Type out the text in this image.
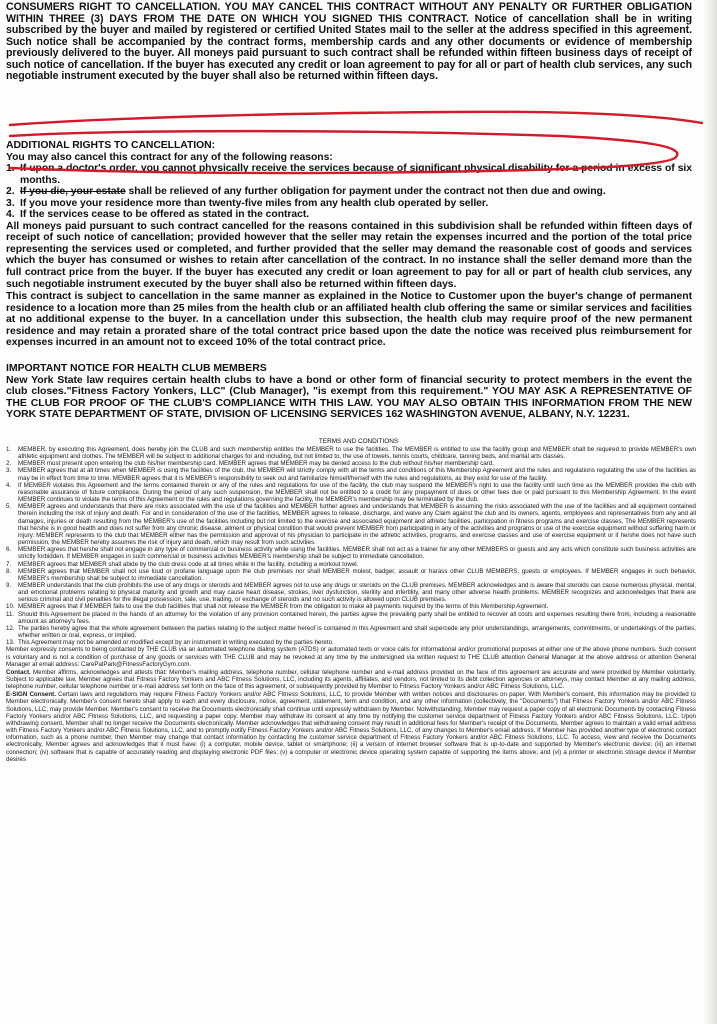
CONSUMERS RIGHT TO CANCELLATION. YOU MAY CANCEL THIS CONTRACT WITHOUT ANY PENALTY OR FURTHER OBLIGATION WITHIN THREE (3) DAYS FROM THE DATE ON WHICH YOU SIGNED THIS CONTRACT. Notice of cancellation shall be in writing subscribed by the buyer and mailed by registered or certified United States mail to the seller at the address specified in this agreement. Such notice shall be accompanied by the contract forms, membership cards and any other documents or evidence of membership previously delivered to the buyer. All moneys paid pursuant to such contract shall be refunded within fifteen business days of receipt of such notice of cancellation. If the buyer has executed any credit or loan agreement to pay for all or part of health club services, any such negotiable instrument executed by the buyer shall also be returned within fifteen days.

ADDITIONAL RIGHTS TO CANCELLATION:

You may also cancel this contract for any of the following reasons:

1. If upon a doctor's order, you cannot physically receive the services because of significant physical disability for a period in excess of six months.
2. If you die, your estate shall be relieved of any further obligation for payment under the contract not then due and owing.
3. If you move your residence more than twenty-five miles from any health club operated by seller.
4. If the services cease to be offered as stated in the contract.

All moneys paid pursuant to such contract cancelled for the reasons contained in this subdivision shall be refunded within fifteen days of receipt of such notice of cancellation; provided however that the seller may retain the expenses incurred and the portion of the total price representing the services used or completed, and further provided that the seller may demand the reasonable cost of goods and services which the buyer has consumed or wishes to retain after cancellation of the contract. In no instance shall the seller demand more than the full contract price from the buyer. If the buyer has executed any credit or loan agreement to pay for all or part of health club services, any such negotiable instrument executed by the buyer shall also be returned within fifteen days.

This contract is subject to cancellation in the same manner as explained in the Notice to Customer upon the buyer's change of permanent residence to a location more than 25 miles from the health club or an affiliated health club offering the same or similar services and facilities at no additional expense to the buyer. In a cancellation under this subsection, the health club may require proof of the new permanent residence and may retain a prorated share of the total contract price based upon the date the notice was received plus reimbursement for expenses incurred in an amount not to exceed 10% of the total contract price.

IMPORTANT NOTICE FOR HEALTH CLUB MEMBERS

New York State law requires certain health clubs to have a bond or other form of financial security to protect members in the event the club closes."Fitness Factory Yonkers, LLC" (Club Manager), "is exempt from this requirement." YOU MAY ASK A REPRESENTATIVE OF THE CLUB FOR PROOF OF THE CLUB'S COMPLIANCE WITH THIS LAW. YOU MAY ALSO OBTAIN THIS INFORMATION FROM THE NEW YORK STATE DEPARTMENT OF STATE, DIVISION OF LICENSING SERVICES 162 WASHINGTON AVENUE, ALBANY, N.Y. 12231.

TERMS AND CONDITIONS
1.	MEMBER, by executing this Agreement, does hereby join the CLUB and such membership entitles the MEMBER to use the facilities. The MEMBER is entitled to use the facility group and MEMBER shall be required to provide MEMBER's own athletic equipment and clothes. The MEMBER will be subject to additional charges for and including, but not limited to, the use of towels, tennis courts, childcare, tanning beds, and martial arts classes.
2.	MEMBER must present upon entering the club his/her membership card. MEMBER agrees that MEMBER may be denied access to the club without his/her membership card.
3.	MEMBER agrees that at all times when MEMBER is using the facilities of the club, the MEMBER will strictly comply with all the terms and conditions of this Membership Agreement and the rules and regulations regulating the use of the facilities as may be in effect from time to time. MEMBER agrees that it is MEMBER's responsibility to seek out and familiarize himself/herself with the rules and regulations, as they exist for use of the facility.
4.	If MEMBER violates this Agreement and the terms contained therein or any of the rules and regulations for use of the facility, the club may suspend the MEMBER's right to use the facility until such time as the MEMBER provides the club with reasonable assurance of future compliance. During the period of any such suspension, the MEMBER shall not be entitled to a credit for any prepayment of dues or other fees due or paid pursuant to this Membership Agreement. In the event MEMBER continues to violate the terms of this Agreement or the rules and regulations governing the facility, the MEMBER's membership may be terminated by the club.
5.	MEMBER agrees and understands that there are risks associated with the use of the facilities and MEMBER further agrees and understands that MEMBER is assuming the risks associated with the use of the facilities and all equipment contained therein including the risk of injury and death. For and in consideration of the use of the facilities, MEMBER agrees to release, discharge, and waive any Claim against the club and its owners, agents, employees and representatives from any and all damages, injuries or death resulting from the MEMBER's use of the facilities including but not limited to the exercise and associated equipment and athletic facilities, participation in fitness programs and exercise classes. The MEMBER represents that he/she is in good health and does not suffer from any chronic disease, ailment or physical condition that would prevent MEMBER from participating in any of the activities and programs or use of the exercise equipment without suffering harm or injury. MEMBER represents to the club that MEMBER either has the permission and approval of his physician to participate in the athletic activities, programs, and exercise classes and use of exercise equipment or if he/she does not have such permission, the MEMBER hereby assumes the risk of injury and death, which may result from such activities.
6.	MEMBER agrees that he/she shall not engage in any type of commercial or business activity while using the facilities. MEMBER shall not act as a trainer for any other MEMBERS or guests and any acts which constitute such business activities are strictly forbidden. If MEMBER engages in such commercial or business activities MEMBER's membership shall be subject to immediate cancellation.
7.	MEMBER agrees that MEMBER shall abide by the club dress code at all times while in the facility, including a workout towel.
8.	MEMBER agrees that MEMBER shall not use loud or profane language upon the club premises nor shall MEMBER molest, badger, assault or harass other CLUB MEMBERS, guests or employees. If MEMBER engages in such behavior, MEMBER's membership shall be subject to immediate cancellation.
9.	MEMBER understands that the club prohibits the use of any drugs or steroids and MEMBER agrees not to use any drugs or steroids on the CLUB premises. MEMBER acknowledges and is aware that steroids can cause numerous physical, mental, and emotional problems relating to physical maturity and growth and may cause heart disease, strokes, liver dysfunction, sterility and infertility, and many other adverse health problems. MEMBER recognizes and acknowledges that there are serious criminal and civil penalties for the illegal possession, sale, use, trading, or exchange of steroids and no such activity is allowed upon CLUB premises.
10. MEMBER agrees that if MEMBER fails to use the club facilities that shall not release the MEMBER from the obligation to make all payments required by the terms of this Membership Agreement.
11. Should this Agreement be placed in the hands of an attorney for the violation of any provision contained herein, the parties agree the prevailing party shall be entitled to recover all costs and expenses resulting there from, including a reasonable amount as attorney's fees.
12. The parties hereby agree that the whole agreement between the parties relating to the subject matter hereof is contained in this Agreement and shall supercede any prior understandings, arrangements, commitments, or undertakings of the parties, whether written or oral, express, or implied.
13. This Agreement may not be amended or modified except by an instrument in writing executed by the parties hereto.

Member expressly consents to being contacted by THE CLUB via an automated telephone dialing system (ATDS) or automated texts or voice calls for informational and/or promotional purposes at either one of the above phone numbers. Such consent is voluntary and is not a condition of purchase of any goods or services with THE CLUB and may be revoked at any time by the undersigned via written request to THE CLUB attention General Manager at the above address or attention General Manager at email address: CarePalPark@FitnessFactoryGym.com.

Contact. Member affirms, acknowledges and attests that: Member's mailing address, telephone number, cellular telephone number and e-mail address provided on the face of this agreement are accurate and were provided by Member voluntarily. Subject to applicable law, Member agrees that Fitness Factory Yonkers and ABC Fitness Solutions, LLC, including its agents, affiliates, and vendors, not limited to its debt collection agencies or attorneys, may contact Member at any mailing address, telephone number, cellular telephone number or e-mail address set forth on the face of this agreement, or subsequently provided by Member to Fitness Factory Yonkers and/or ABC Fitness Solutions, LLC.

E-SIGN Consent. Certain laws and regulations may require Fitness Factory Yonkers and/or ABC Fitness Solutions, LLC, to provide Member with written notices and disclosures on paper. With Member's consent, this information may be provided to Member electronically. Member's consent hereto shall apply to each and every disclosure, notice, agreement, statement, term and condition, and any other information (collectively, the "Documents") that Fitness Factory Yonkers and/or ABC Fitness Solutions, LLC, may provide Member. Member's consent to receive the Documents electronically shall continue until expressly withdrawn by Member. Notwithstanding, Member may request a paper copy of all electronic Documents by contacting Fitness Factory Yonkers and/or ABC Fitness Solutions, LLC, and requesting a paper copy. Member may withdraw its consent at any time by notifying the customer service department of Fitness Factory Yonkers and/or ABC Fitness Solutions, LLC. Upon withdrawing consent, Member shall no longer receive the Documents electronically. Member acknowledges that withdrawing consent may result in additional fees for Member's receipt of the Documents. Member agrees to maintain a valid email address with Fitness Factory Yonkers and/or ABC Fitness Solutions, LLC, and to promptly notify Fitness Factory Yonkers and/or ABC Fitness Solutions, LLC, of any changes to Member's email address. If Member has provided another type of electronic contact information, such as a phone number, then Member may change that contact information by contacting the customer service department of Fitness Factory Yonkers and/or ABC Fitness Solutions, LLC. To access, view and receive the Documents electronically, Member agrees and acknowledges that it must have: (i) a computer, mobile device, tablet or smartphone; (ii) a version of internet browser software that is up-to-date and supported by Member's electronic device; (iii) an internet connection; (iv) software that is capable of accurately reading and displaying electronic PDF files; (v) a computer or electronic device operating system capable of supporting the items above; and (vi) a printer or electronic storage device if Member desires
